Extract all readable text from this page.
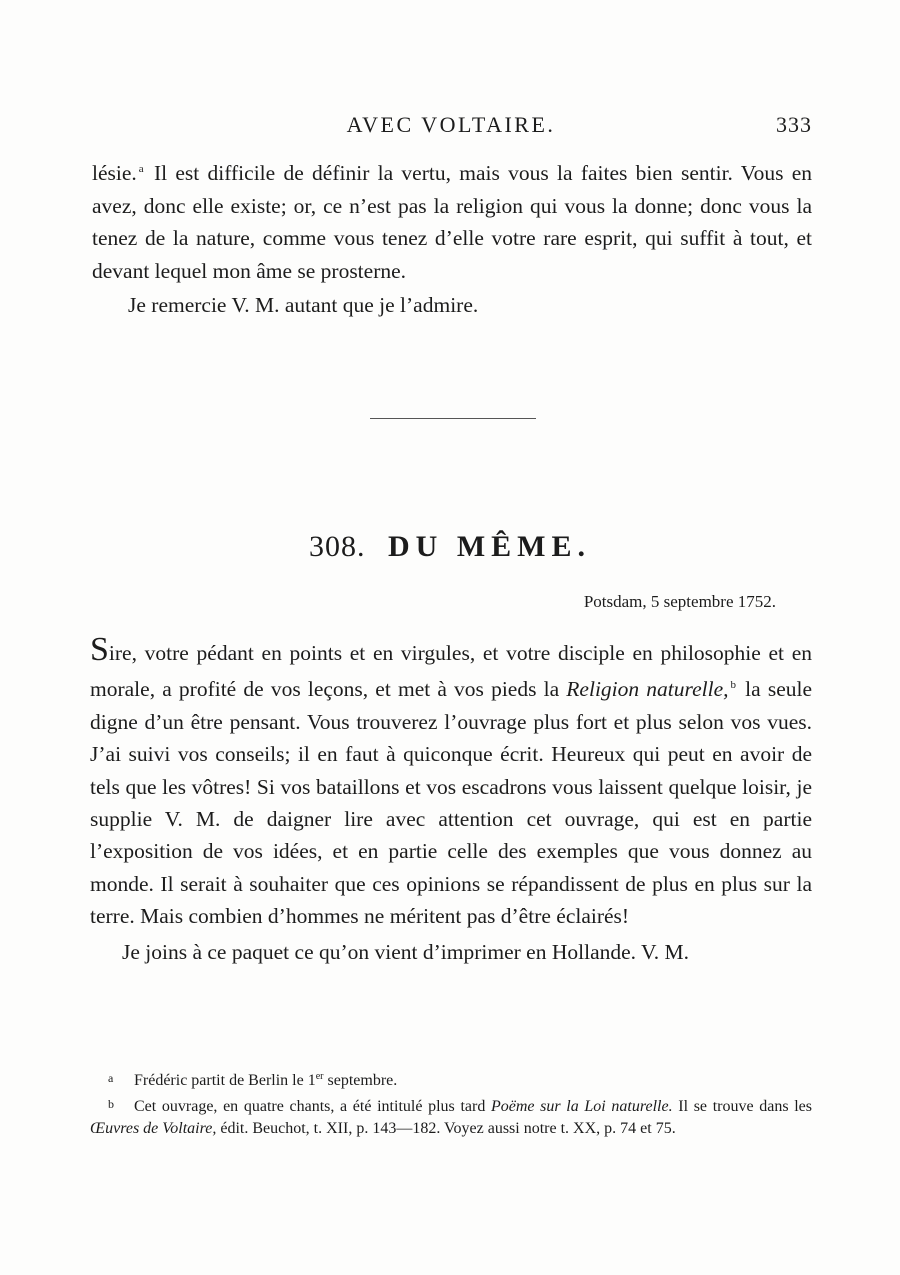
AVEC VOLTAIRE.	333

lésie. $^a$ Il est difficile de définir la vertu, mais vous la faites bien sentir. Vous en avez, donc elle existe; or, ce n’est pas la religion qui vous la donne; donc vous la tenez de la nature, comme vous tenez d’elle votre rare esprit, qui suffit à tout, et devant lequel mon âme se prosterne.

Je remercie V. M. autant que je l’admire.

308. DU MÊME.
Potsdam, 5 septembre 1752.

Sire, votre pédant en points et en virgules, et votre disciple en philosophie et en morale, a profité de vos leçons, et met à vos pieds la Religion naturelle, $^b$ la seule digne d’un être pensant. Vous trouverez l’ouvrage plus fort et plus selon vos vues. J’ai suivi vos conseils; il en faut à quiconque écrit. Heureux qui peut en avoir de tels que les vôtres! Si vos bataillons et vos escadrons vous laissent quelque loisir, je supplie V. M. de daigner lire avec attention cet ouvrage, qui est en partie l’exposition de vos idées, et en partie celle des exemples que vous donnez au monde. Il serait à souhaiter que ces opinions se répandissent de plus en plus sur la terre. Mais combien d’hommes ne méritent pas d’être éclairés!

Je joins à ce paquet ce qu’on vient d’imprimer en Hollande. V. M.

a Frédéric partit de Berlin le 1er septembre.

b Cet ouvrage, en quatre chants, a été intitulé plus tard Poëme sur la Loi naturelle. Il se trouve dans les Œuvres de Voltaire, édit. Beuchot, t. XII, p. 143—182. Voyez aussi notre t. XX, p. 74 et 75.
